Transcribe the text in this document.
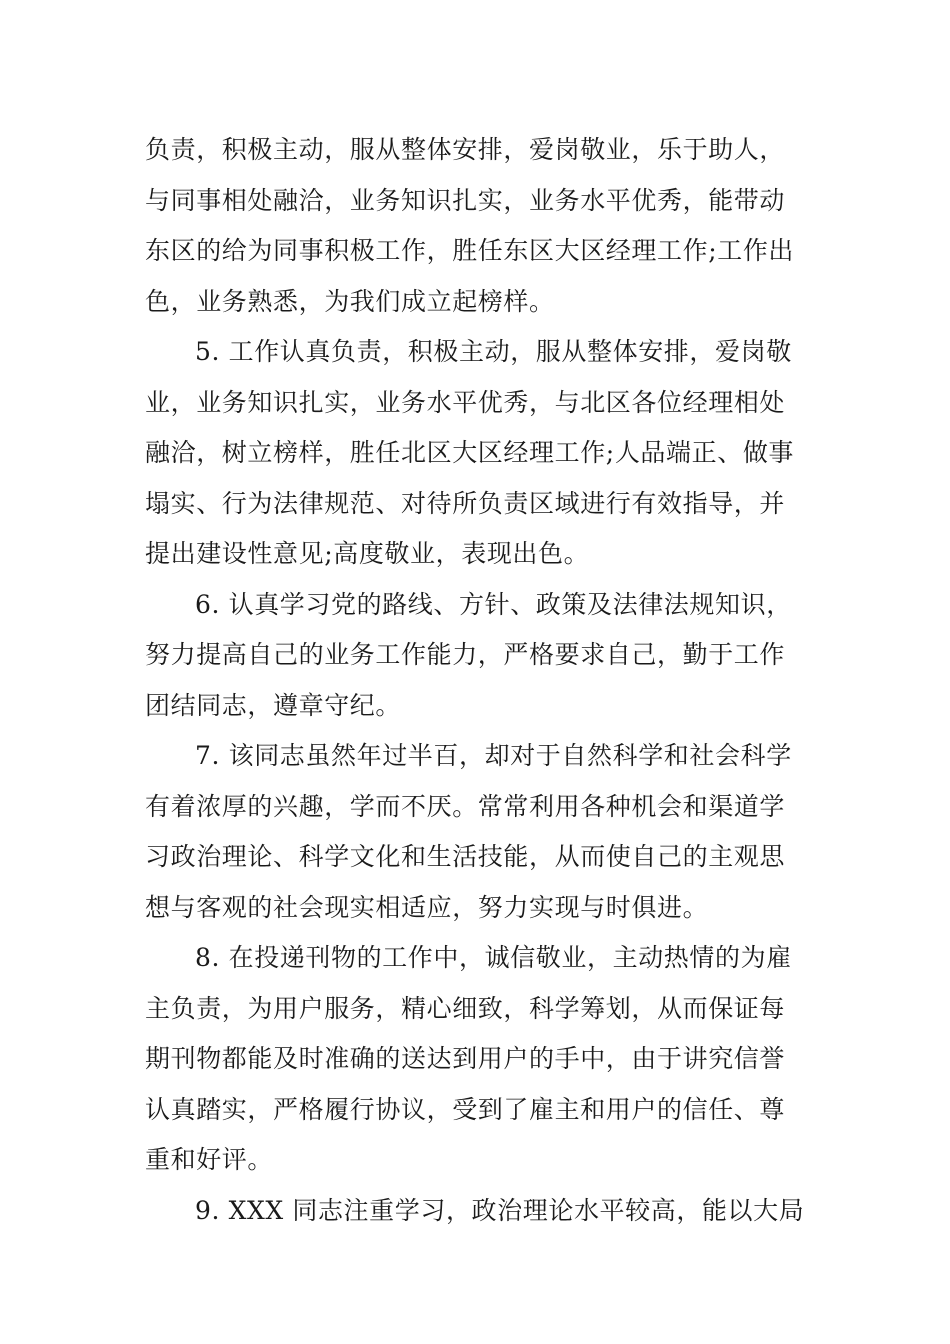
负责，积极主动，服从整体安排，爱岗敬业，乐于助人，
与同事相处融洽，业务知识扎实，业务水平优秀，能带动
东区的给为同事积极工作，胜任东区大区经理工作;工作出
色，业务熟悉，为我们成立起榜样。

5. 工作认真负责，积极主动，服从整体安排，爱岗敬
业，业务知识扎实，业务水平优秀，与北区各位经理相处
融洽，树立榜样，胜任北区大区经理工作;人品端正、做事
塌实、行为法律规范、对待所负责区域进行有效指导，并
提出建设性意见;高度敬业，表现出色。

6. 认真学习党的路线、方针、政策及法律法规知识，
努力提高自己的业务工作能力，严格要求自己，勤于工作
团结同志，遵章守纪。

7. 该同志虽然年过半百，却对于自然科学和社会科学
有着浓厚的兴趣，学而不厌。常常利用各种机会和渠道学
习政治理论、科学文化和生活技能，从而使自己的主观思
想与客观的社会现实相适应，努力实现与时俱进。

8. 在投递刊物的工作中，诚信敬业，主动热情的为雇
主负责，为用户服务，精心细致，科学筹划，从而保证每
期刊物都能及时准确的送达到用户的手中，由于讲究信誉
认真踏实，严格履行协议，受到了雇主和用户的信任、尊
重和好评。

9. XXX 同志注重学习，政治理论水平较高，能以大局
